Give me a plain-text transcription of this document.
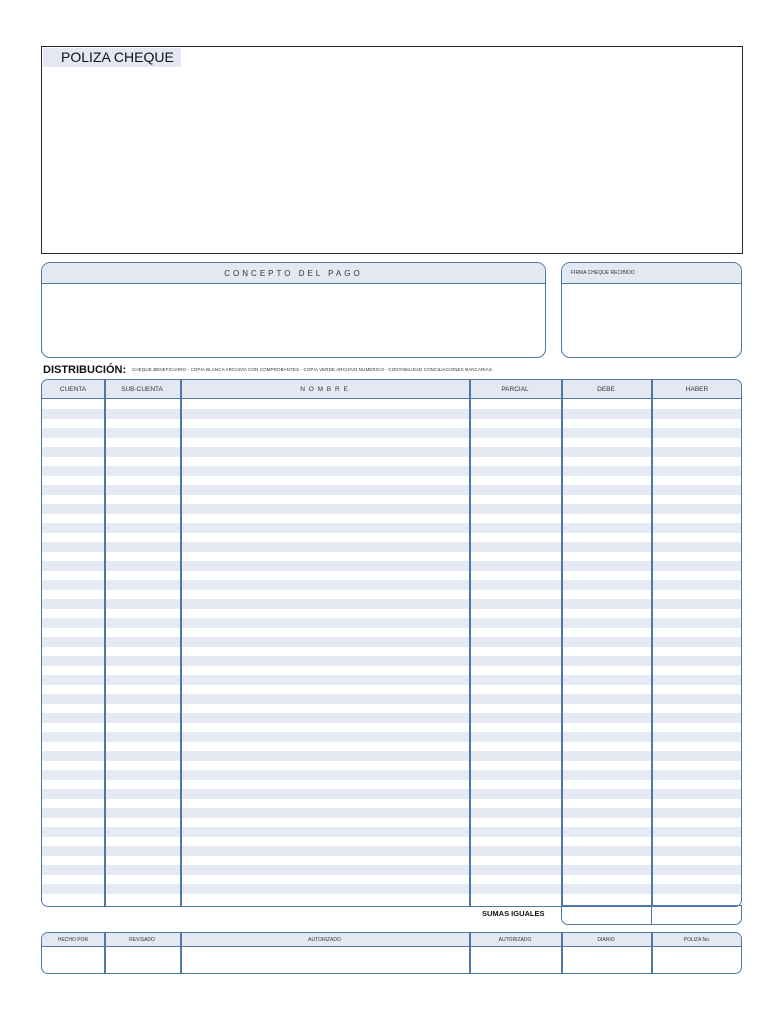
POLIZA CHEQUE
CONCEPTO DEL PAGO	FIRMA CHEQUE RECIBIDO
DISTRIBUCIÓN: CHEQUE BENEFICIARIO - COPIA BLANCA ARCHIVO CON COMPROBANTES - COPIA VERDE ARCHIVO NUMÉRICO - CONTABILIDAD CONCILIACIONES BANCARIAS
CUENTA	SUB-CUENTA	N O M B R E	PARCIAL	DEBE	HABER
SUMAS IGUALES
HECHO POR	REVISADO	AUTORIZADO	AUTORIZADO	DIARIO	POLIZA No.
